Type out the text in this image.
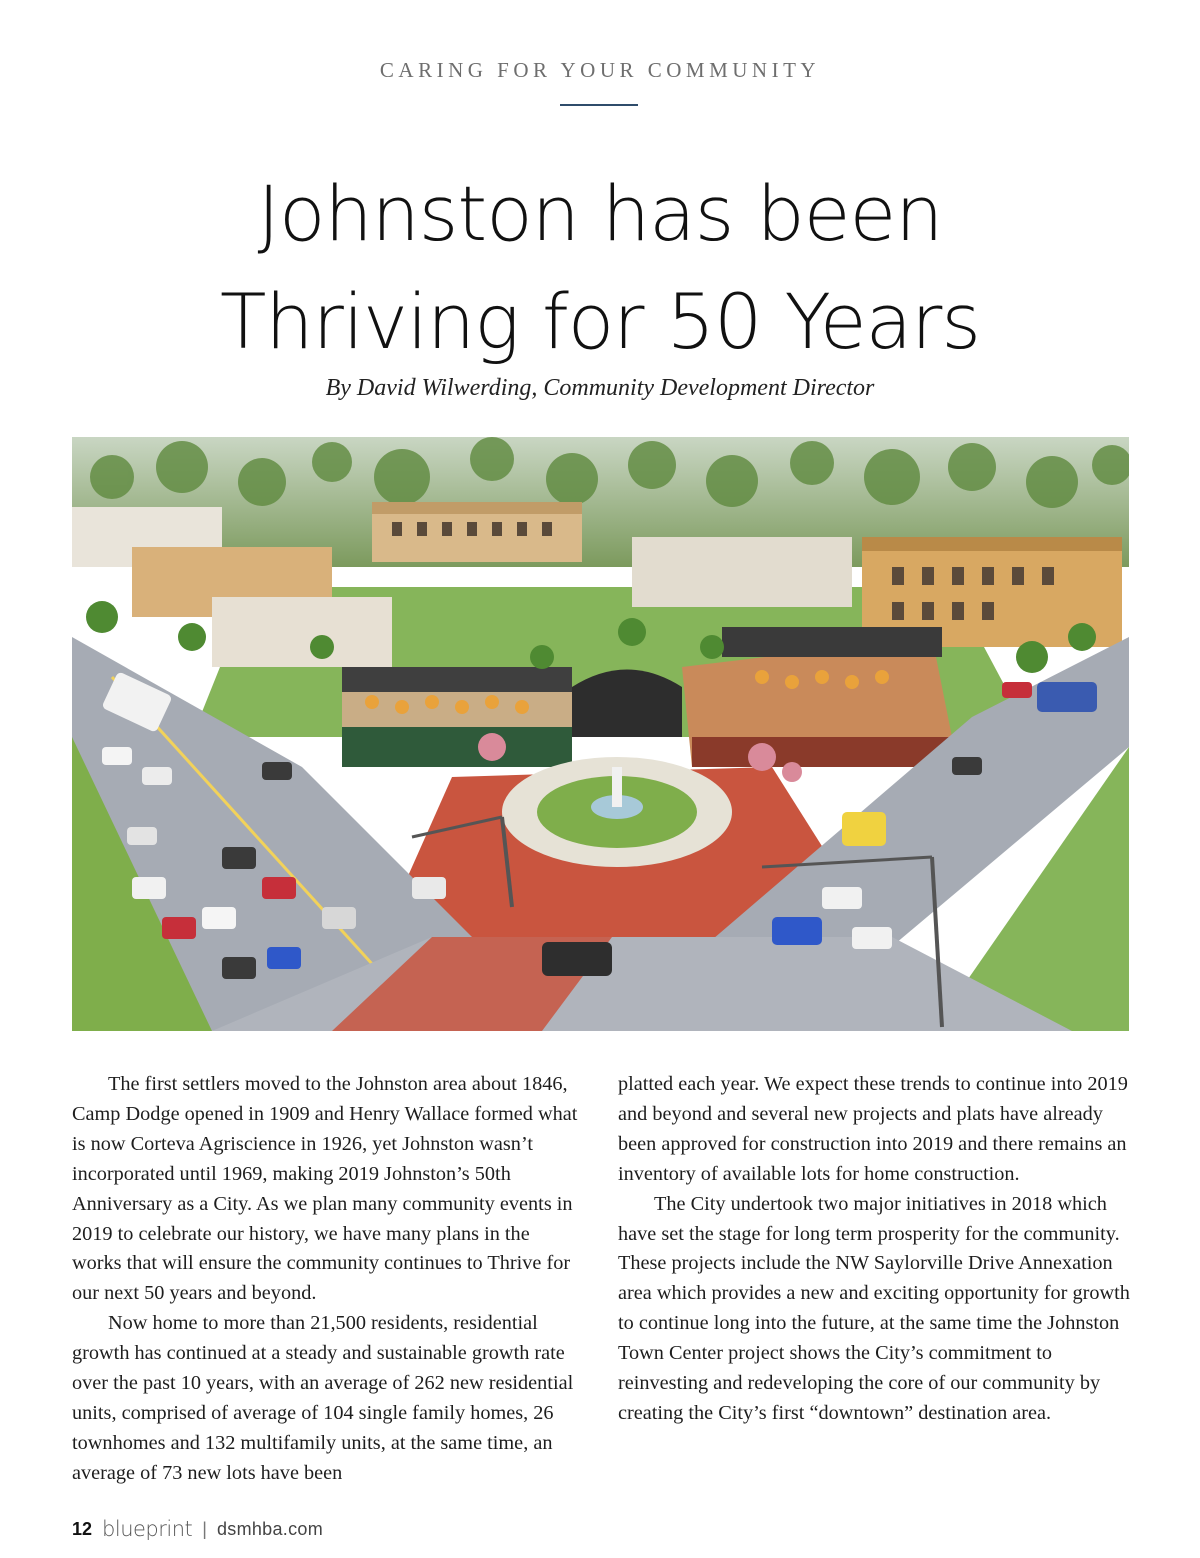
CARING FOR YOUR COMMUNITY
Johnston has been
Thriving for 50 Years
By David Wilwerding, Community Development Director

The first settlers moved to the Johnston area about 1846, Camp Dodge opened in 1909 and Henry Wallace formed what is now Corteva Agriscience in 1926, yet Johnston wasn’t incorporated until 1969, making 2019 Johnston’s 50th Anniversary as a City. As we plan many community events in 2019 to celebrate our history, we have many plans in the works that will ensure the community continues to Thrive for our next 50 years and beyond.

Now home to more than 21,500 residents, residential growth has continued at a steady and sustainable growth rate over the past 10 years, with an average of 262 new residential units, comprised of average of 104 single family homes, 26 townhomes and 132 multifamily units, at the same time, an average of 73 new lots have been

platted each year. We expect these trends to continue into 2019 and beyond and several new projects and plats have already been approved for construction into 2019 and there remains an inventory of available lots for home construction.

The City undertook two major initiatives in 2018 which have set the stage for long term prosperity for the community. These projects include the NW Saylorville Drive Annexation area which provides a new and exciting opportunity for growth to continue long into the future, at the same time the Johnston Town Center project shows the City’s commitment to reinvesting and redeveloping the core of our community by creating the City’s first “downtown” destination area.

12 blueprint | dsmhba.com
